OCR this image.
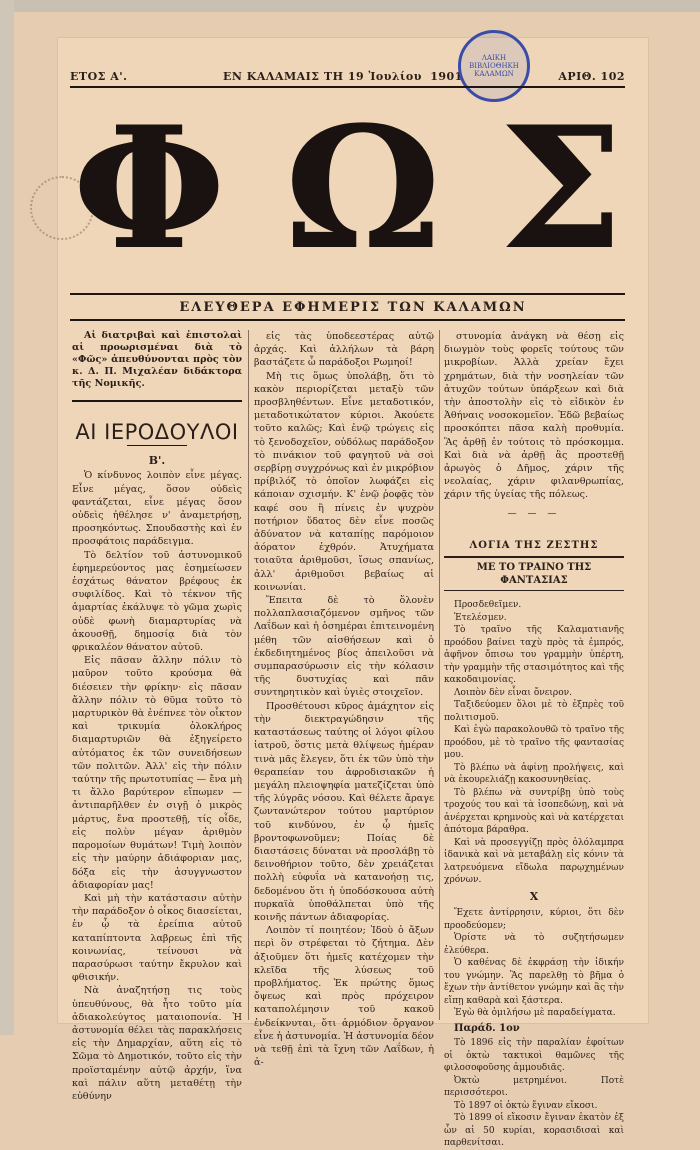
ΕΤΟΣ Α'.	ΕΝ ΚΑΛΑΜΑΙΣ ΤΗ 19 Ἰουλίου 1901	ΑΡΙΘ. 102
ΛΑΙΚΗ ΒΙΒΛΙΟΘΗΚΗ ΚΑΛΑΜΩΝ
Φ Ω Σ
ΕΛΕΥΘΕΡΑ ΕΦΗΜΕΡΙΣ ΤΩΝ ΚΑΛΑΜΩΝ

Αἱ διατριβαὶ καὶ ἐπιστολαὶ αἱ προωρισμέναι διὰ τὸ «Φῶς» ἀπευθύνονται πρὸς τὸν κ. Δ. Π. Μιχαλέαν διδάκτορα τῆς Νομικῆς.

ΑΙ ΙΕΡΟΔΟΥΛΟΙ
Β'.

Ὁ κίνδυνος λοιπὸν εἶνε μέγας. Εἶνε μέγας, ὅσον οὐδεὶς φαντάζεται, εἶνε μέγας ὅσον οὐδεὶς ἠθέλησε ν' ἀναμετρήσῃ, προσηκόντως. Σπουδαστὴς καὶ ἐν προσφάτοις παράδειγμα.

Τὸ δελτίον τοῦ ἀστυνομικοῦ ἐφημερεύοντος μας ἐσημείωσεν ἐσχάτως θάνατον βρέφους ἐκ συφιλίδος. Καὶ τὸ τέκνον τῆς ἁμαρτίας ἐκάλυψε τὸ γῶμα χωρὶς οὐδὲ φωνὴ διαμαρτυρίας νὰ ἀκουσθῇ, δημοσίᾳ διὰ τὸν φρικαλέον θάνατον αὐτοῦ.

Εἰς πᾶσαν ἄλλην πόλιν τὸ μαῦρον τοῦτο κρούσμα θὰ διέσειεν τὴν φρίκην· εἰς πᾶσαν ἄλλην πόλιν τὸ θῦμα τοῦτο τὸ μαρτυρικὸν θὰ ἐνέπνεε τὸν οἶκτον καὶ τρικυμία ὁλοκλήρος διαμαρτυριῶν θὰ ἐξηγείρετο αὐτόματος ἐκ τῶν συνειδήσεων τῶν πολιτῶν. Ἀλλ' εἰς τὴν πόλιν ταύτην τῆς πρωτοτυπίας — ἔνα μὴ τι ἄλλο βαρύτερον εἴπωμεν — ἀντιπαρῆλθεν ἐν σιγῇ ὁ μικρὸς μάρτυς, ἔνα προστεθῇ, τίς οἶδε, εἰς πολὺν μέγαν ἀριθμὸν παρομοίων θυμάτων! Τιμὴ λοιπὸν εἰς τὴν μαύρην ἀδιάφοριαν μας, δόξα εἰς τὴν ἀσυγγνωστον ἀδιαφορίαν μας!

Καὶ μὴ τὴν κατάστασιν αὐτὴν τὴν παράδοξον ὁ οἶκος διασείεται, ἐν ᾧ τὰ ἐρείπια αὐτοῦ καταπίπτοντα λαβρεως ἐπὶ τῆς κοινωνίας, τείνουσι νὰ παρασύρωσι ταύτην ἔκρυλον καὶ φθισικήν.

Νὰ ἀναζητήσῃ τις τοὺς ὑπευθύνους, θὰ ἦτο τοῦτο μία ἀδιακολεύγτος ματαιοπονία. Ἡ ἀστυνομία θέλει τὰς παρακλήσεις εἰς τὴν Δημαρχίαν, αὕτη εἰς τὸ Σῶμα τὸ Δημοτικόν, τοῦτο εἰς τὴν προϊσταμένην αὐτῷ ἀρχήν, ἵνα καὶ πάλιν αὕτη μεταθέτῃ τὴν εὐθύνην

εἰς τὰς ὑποδεεστέρας αὐτῷ ἀρχάς. Καὶ ἀλλήλων τὰ βάρη βαστάζετε ὦ παράδοξοι Ρωμηοί!

Μὴ τις ὅμως ὑπολάβῃ, ὅτι τὸ κακὸν περιορίζεται μεταξὺ τῶν προσβληθέντων. Εἶνε μεταδοτικόν, μεταδοτικώτατον κύριοι. Ἀκούετε τοῦτο καλῶς; Καὶ ἐνῷ τρώγεις εἰς τὸ ξενοδοχεῖον, οὐδόλως παράδοξον τὸ πινάκιον τοῦ φαγητοῦ νὰ σοὶ σερβίρῃ συγχρόνως καὶ ἐν μικρόβιον πρίβιλόζ τὸ ὁποῖον λωφάζει εἰς κάποιαν σχισμήν. Κ' ἐνῷ ῥοφᾷς τὸν καφέ σου ἢ πίνεις ἐν ψυχρὸν ποτήριον ὕδατος δὲν εἶνε ποσῶς ἀδύνατον νὰ καταπίῃς παρόμοιον ἀόρατον ἐχθρόν. Ἀτυχήματα τοιαῦτα ἀριθμοῦσι, ἴσως σπανίως, ἀλλ' ἀριθμοῦσι βεβαίως αἱ κοινωνίαι.

Ἔπειτα δὲ τὸ ὅλονὲν πολλαπλασιαζόμενον σμῆνος τῶν Λαΐδων καὶ ἡ ὁσημέραι ἐπιτεινομένη μέθη τῶν αἰσθήσεων καὶ ὁ ἐκδεδιητημένος βίος ἀπειλοῦσι νὰ συμπαρασύρωσιν εἰς τὴν κόλασιν τῆς δυστυχίας καὶ πᾶν συντηρητικὸν καὶ ὑγιὲς στοιχεῖον.

Προσθέτουσι κῦρος ἀμάχητον εἰς τὴν διεκτραγώδησιν τῆς καταστάσεως ταύτης οἱ λόγοι φίλου ἰατροῦ, ὅστις μετὰ θλίψεως ἡμέραν τινὰ μᾶς ἔλεγεν, ὅτι ἐκ τῶν ὑπὸ τὴν θεραπείαν του ἀφροδισιακῶν ἡ μεγάλη πλειοψηφία ματεζίζεται ὑπὸ τῆς λύγρᾶς νόσου. Καὶ θέλετε ἄραγε ζωντανώτερον τούτου μαρτύριον τοῦ κινδύνου, ἐν ᾧ ἡμεῖς βροντοφωνοῦμεν; Ποίας δὲ διαστάσεις δύναται νὰ προσλάβῃ τὸ δεινοθήριον τοῦτο, δὲν χρειάζεται πολλὴ εὐφυΐα νὰ κατανοήσῃ τις, δεδομένου ὅτι ἡ ὑποδόσκουσα αὐτὴ πυρκαϊὰ ὑποθάλπεται ὑπὸ τῆς κοινῆς πάντων ἀδιαφορίας.

Λοιπὸν τί ποιητέον; Ἰδοὺ ὁ ἄξων περὶ ὃν στρέφεται τὸ ζήτημα. Δὲν ἀξιοῦμεν ὅτι ἡμεῖς κατέχομεν τὴν κλεῖδα τῆς λύσεως τοῦ προβλήματος. Ἐκ πρώτης ὅμως ὄψεως καὶ πρὸς πρόχειρον καταπολέμησιν τοῦ κακοῦ ἐνδείκνυται, ὅτι ἁρμόδιον ὄργανον εἶνε ἡ ἀστυνομία. Ἡ ἀστυνομία δέον νὰ τεθῇ ἐπὶ τὰ ἴχνη τῶν Λαΐδων, ἡ ἀ-

στυνομία ἀνάγκη νὰ θέσῃ εἰς διωγμὸν τοὺς φορεῖς τούτους τῶν μικροβίων. Ἀλλὰ χρείαν ἔχει χρημάτων, διὰ τὴν νοσηλείαν τῶν ἀτυχῶν τούτων ὑπάρξεων καὶ διὰ τὴν ἀποστολὴν εἰς τὸ εἰδικὸν ἐν Ἀθήναις νοσοκομεῖον. Ἐδῶ βεβαίως προσκόπτει πᾶσα καλὴ προθυμία. Ἂς ἀρθῇ ἐν τούτοις τὸ πρόσκομμα. Καὶ διὰ νὰ ἀρθῇ ἂς προστεθῇ ἀρωγὸς ὁ Δῆμος, χάριν τῆς νεολαίας, χάριν φιλανθρωπίας, χάριν τῆς ὑγείας τῆς πόλεως.

— — —
ΛΟΓΙΑ ΤΗΣ ΖΕΣΤΗΣ
ΜΕ ΤΟ ΤΡΑΙΝΟ ΤΗΣ ΦΑΝΤΑΣΙΑΣ

Προσδεθεῖμεν.

Ἐτελέσμεν.

Τὸ τραῖνο τῆς Καλαματιανῆς προόδου βαίνει ταχὺ πρὸς τὰ ἐμπρός, ἀφῆνον ὄπισω του γραμμὴν ὑπέρτη, τὴν γραμμὴν τῆς στασιμότητος καὶ τῆς κακοδαιμονίας.

Λοιπὸν δὲν εἶναι ὄνειρον.

Ταξιδεύομεν ὅλοι μὲ τὸ ἐξπρὲς τοῦ πολιτισμοῦ.

Καὶ ἐγὼ παρακολουθῶ τὸ τραῖνο τῆς προόδου, μὲ τὸ τραῖνο τῆς φαντασίας μου.

Τὸ βλέπω νὰ ἀφίνῃ προλήψεις, καὶ νὰ ἐκουρελιάζῃ κακοσυνηθείας.

Τὸ βλέπω νὰ συντρίβῃ ὑπὸ τοὺς τροχούς του καὶ τὰ ἰσοπεδώνῃ, καὶ νὰ ἀνέρχεται κρημνοὺς καὶ νὰ κατέρχεται ἀπότομα βάραθρα.

Καὶ νὰ προσεγγίζῃ πρὸς ὁλόλαμπρα ἰδανικὰ καὶ νὰ μεταβάλῃ εἰς κόνιν τὰ λατρευόμενα εἴδωλα παρῳχημένων χρόνων.

Χ

Ἔχετε ἀντίρρησιν, κύριοι, ὅτι δὲν προοδεύομεν;

Ὁρίστε νὰ τὸ συζητήσωμεν ἐλεύθερα.

Ὁ καθένας δὲ ἐκφράσῃ τὴν ἰδικήν του γνώμην. Ἂς παρελθῃ τὸ βῆμα ὁ ἔχων τὴν ἀντίθετον γνώμην καὶ ἂς τὴν εἴπῃ καθαρὰ καὶ ξάστερα.

Ἐγὼ θὰ ὁμιλήσω μὲ παραδείγματα.

Παράδ. 1ον

Τὸ 1896 εἰς τὴν παραλίαν ἐφοίτων οἱ ὀκτὼ τακτικοὶ θαμῶνες τῆς φιλοσοφοῦσης ἀμμουδιᾶς.

Ὀκτὼ μετρημένοι. Ποτὲ περισσότεροι.

Τὸ 1897 οἱ ὀκτὼ ἔγιναν εἴκοσι.

Τὸ 1899 οἱ εἴκοσιν ἔγιναν ἑκατὸν ἐξ ὧν αἱ 50 κυρίαι, κορασιδισαὶ καὶ παρθενίτσαι.
